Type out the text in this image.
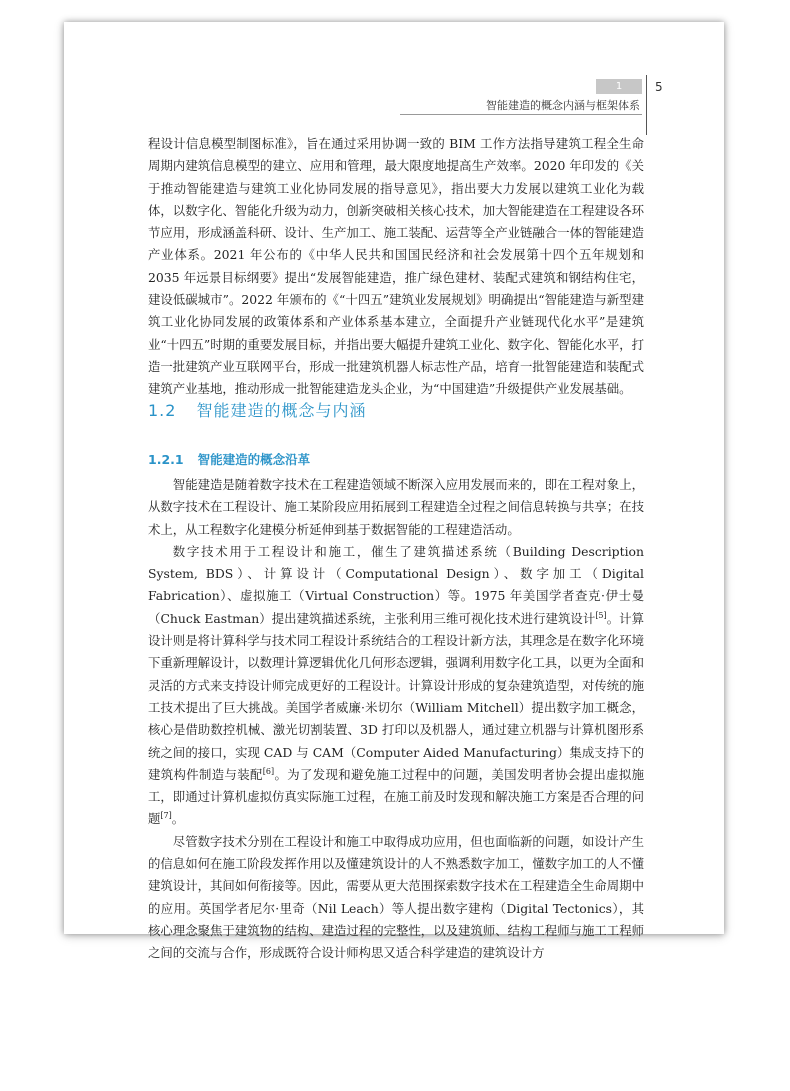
1	5
智能建造的概念内涵与框架体系

程设计信息模型制图标准》，旨在通过采用协调一致的 BIM 工作方法指导建筑工程全生命周期内建筑信息模型的建立、应用和管理，最大限度地提高生产效率。2020 年印发的《关于推动智能建造与建筑工业化协同发展的指导意见》，指出要大力发展以建筑工业化为载体，以数字化、智能化升级为动力，创新突破相关核心技术，加大智能建造在工程建设各环节应用，形成涵盖科研、设计、生产加工、施工装配、运营等全产业链融合一体的智能建造产业体系。2021 年公布的《中华人民共和国国民经济和社会发展第十四个五年规划和 2035 年远景目标纲要》提出“发展智能建造，推广绿色建材、装配式建筑和钢结构住宅，建设低碳城市”。2022 年颁布的《“十四五”建筑业发展规划》明确提出“智能建造与新型建筑工业化协同发展的政策体系和产业体系基本建立，全面提升产业链现代化水平”是建筑业“十四五”时期的重要发展目标，并指出要大幅提升建筑工业化、数字化、智能化水平，打造一批建筑产业互联网平台，形成一批建筑机器人标志性产品，培育一批智能建造和装配式建筑产业基地，推动形成一批智能建造龙头企业，为“中国建造”升级提供产业发展基础。

1.2 智能建造的概念与内涵
1.2.1 智能建造的概念沿革

智能建造是随着数字技术在工程建造领域不断深入应用发展而来的，即在工程对象上，从数字技术在工程设计、施工某阶段应用拓展到工程建造全过程之间信息转换与共享；在技术上，从工程数字化建模分析延伸到基于数据智能的工程建造活动。

数字技术用于工程设计和施工，催生了建筑描述系统（Building Description System, BDS）、计算设计（Computational Design）、数字加工（Digital Fabrication）、虚拟施工（Virtual Construction）等。1975 年美国学者查克·伊士曼（Chuck Eastman）提出建筑描述系统，主张利用三维可视化技术进行建筑设计[5]。计算设计则是将计算科学与技术同工程设计系统结合的工程设计新方法，其理念是在数字化环境下重新理解设计，以数理计算逻辑优化几何形态逻辑，强调利用数字化工具，以更为全面和灵活的方式来支持设计师完成更好的工程设计。计算设计形成的复杂建筑造型，对传统的施工技术提出了巨大挑战。美国学者威廉·米切尔（William Mitchell）提出数字加工概念，核心是借助数控机械、激光切割装置、3D 打印以及机器人，通过建立机器与计算机图形系统之间的接口，实现 CAD 与 CAM（Computer Aided Manufacturing）集成支持下的建筑构件制造与装配[6]。为了发现和避免施工过程中的问题，美国发明者协会提出虚拟施工，即通过计算机虚拟仿真实际施工过程，在施工前及时发现和解决施工方案是否合理的问题[7]。

尽管数字技术分别在工程设计和施工中取得成功应用，但也面临新的问题，如设计产生的信息如何在施工阶段发挥作用以及懂建筑设计的人不熟悉数字加工，懂数字加工的人不懂建筑设计，其间如何衔接等。因此，需要从更大范围探索数字技术在工程建造全生命周期中的应用。英国学者尼尔·里奇（Nil Leach）等人提出数字建构（Digital Tectonics），其核心理念聚焦于建筑物的结构、建造过程的完整性，以及建筑师、结构工程师与施工工程师之间的交流与合作，形成既符合设计师构思又适合科学建造的建筑设计方
